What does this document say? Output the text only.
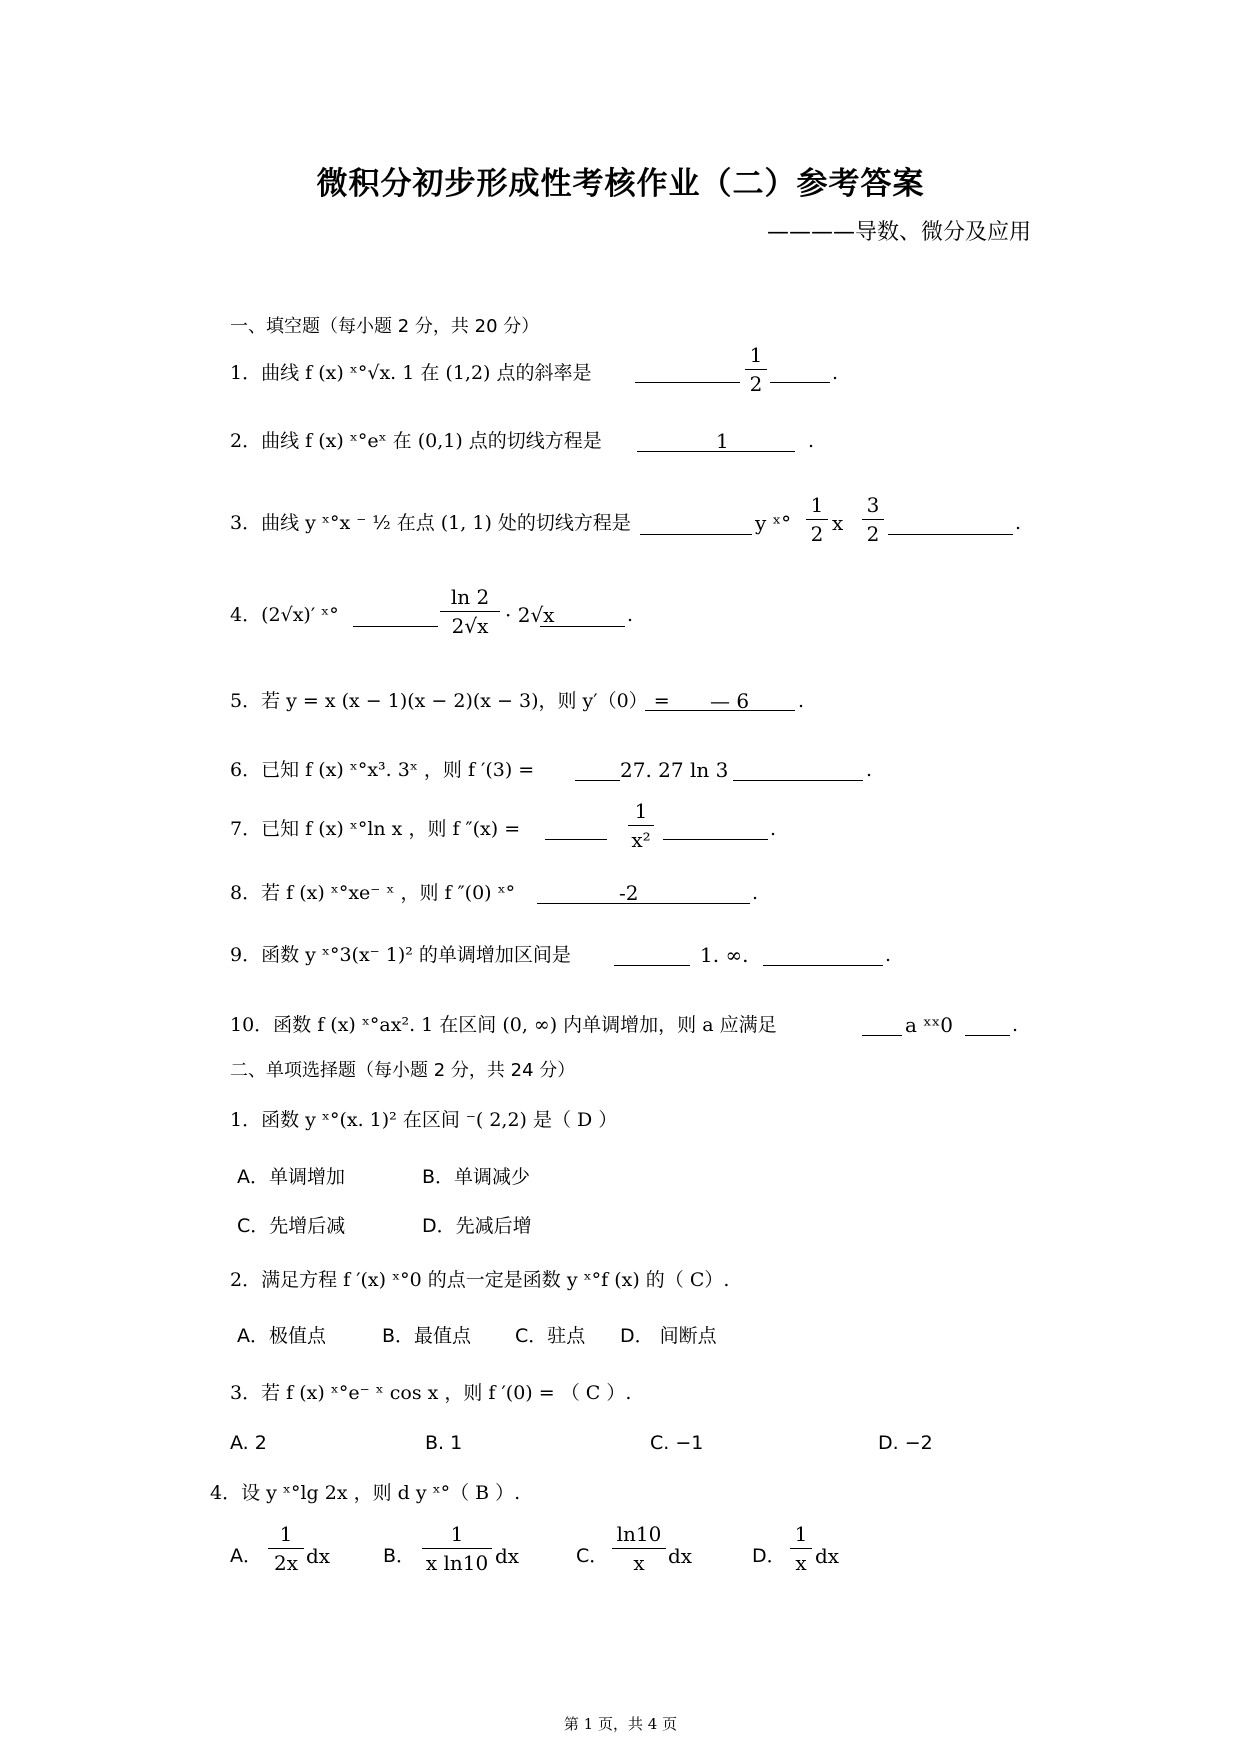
微积分初步形成性考核作业（二）参考答案
————导数、微分及应用
一、填空题（每小题 2 分，共 20 分）
1．曲线 f (x) ˣ°√x. 1 在 (1,2) 点的斜率是
1
2	.
2．曲线 f (x) ˣ°eˣ 在 (0,1) 点的切线方程是	1	.
3．曲线 y ˣ°x ⁻ ½ 在点 (1, 1) 处的切线方程是	y ˣ°
1
2 x
3
2	.
4．(2√x)′ ˣ°
ln 2
2√x · 2√x	.
5．若 y = x (x − 1)(x − 2)(x − 3)，则 y′（0） = — 6	.
6．已知 f (x) ˣ°x³. 3ˣ ，则 f ′(3) =	27. 27 ln 3	.
7．已知 f (x) ˣ°ln x ，则 f ″(x) =
1
x²	.
8．若 f (x) ˣ°xe⁻ ˣ ，则 f ″(0) ˣ°	-2	.
9．函数 y ˣ°3(x⁻ 1)² 的单调增加区间是	1. ∞.	.
10．函数 f (x) ˣ°ax². 1 在区间 (0, ∞) 内单调增加，则 a 应满足	a ˣˣ0	.
二、单项选择题（每小题 2 分，共 24 分）
1．函数 y ˣ°(x. 1)² 在区间 ⁻( 2,2) 是（ D ）
A．单调增加	B．单调减少
C．先增后减	D．先减后增
2．满足方程 f ′(x) ˣ°0 的点一定是函数 y ˣ°f (x) 的（ C）.
A．极值点	B．最值点 C．驻点 D． 间断点
3．若 f (x) ˣ°e⁻ ˣ cos x ，则 f ′(0) = （ C ）.
A. 2	B. 1	C. −1	D. −2
4．设 y ˣ°lg 2x ，则 d y ˣ°（ B ）.
A．
1
2x dx	B．
1
x ln10 dx	C．
ln10
x	dx	D．
1
x dx
第 1 页，共 4 页
